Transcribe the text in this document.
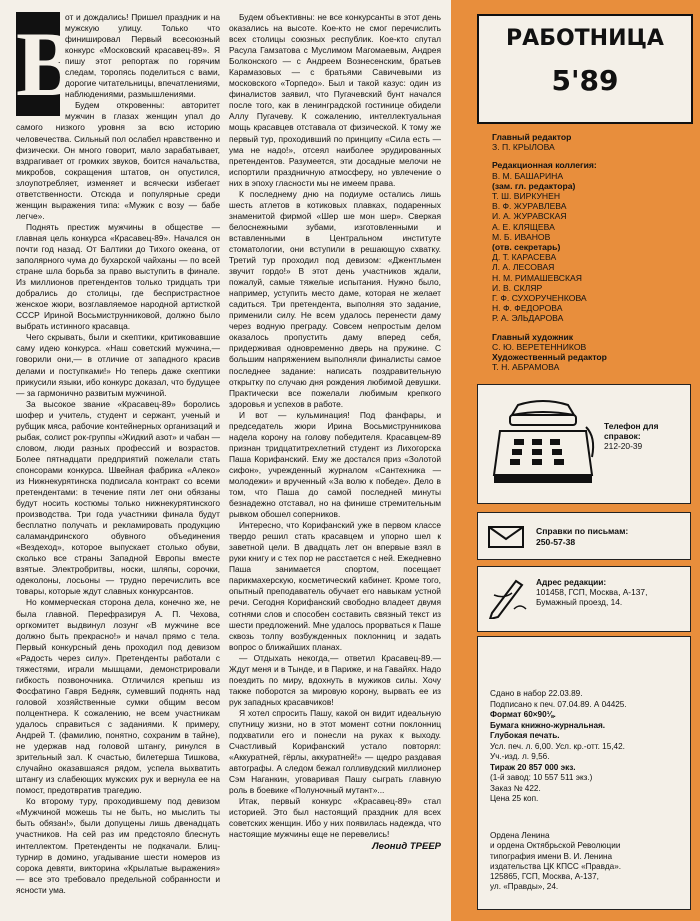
В

от и дождались! Пришел праздник и на мужскую улицу. Только что финишировал Первый всесоюзный конкурс «Московский красавец-89». Я пишу этот репортаж по горячим следам, торопясь поделиться с вами, дорогие читательницы, впечатлениями, наблюдениями, размышлениями.

Будем откровенны: авторитет мужчин в глазах женщин упал до самого низкого уровня за всю историю человечества. Сильный пол ослабел нравственно и физически. Он много говорит, мало зарабатывает, вздрагивает от громких звуков, боится начальства, микробов, сокращения штатов, он опустился, злоупотребляет, изменяет и всячески избегает ответственности. Отсюда и популярные среди женщин выражения типа: «Мужик с возу — бабе легче».

Поднять престиж мужчины в обществе — главная цель конкурса «Красавец-89». Начался он почти год назад. От Балтики до Тихого океана, от заполярного чума до бухарской чайханы — по всей стране шла борьба за право выступить в финале. Из миллионов претендентов только тридцать три добрались до столицы, где беспристрастное женское жюри, возглавляемое народной артисткой СССР Ириной Восьмиструнниковой, должно было выбрать истинного красавца.

Чего скрывать, были и скептики, критиковавшие саму идею конкурса. «Наш советский мужчина,— говорили они,— в отличие от западного красив делами и поступками!» Но теперь даже скептики прикусили языки, ибо конкурс доказал, что будущее — за гармонично развитым мужчиной.

За высокое звание «Красавец-89» боролись шофер и учитель, студент и сержант, ученый и рубщик мяса, рабочие контейнерных организаций и рыбак, солист рок-группы «Жидкий азот» и чабан — словом, люди разных профессий и возрастов. Более пятнадцати предприятий пожелали стать спонсорами конкурса. Швейная фабрика «Алеко» из Нижнекурятинска подписала контракт со всеми претендентами: в течение пяти лет они обязаны будут носить костюмы только нижнекурятинского производства. Три года участники финала будут бесплатно получать и рекламировать продукцию саламандринского обувного объединения «Вездеход», которое выпускает столько обуви, сколько все страны Западной Европы вместе взятые. Электробритвы, носки, шляпы, сорочки, одеколоны, лосьоны — трудно перечислить все товары, которые ждут славных конкурсантов.

Но коммерческая сторона дела, конечно же, не была главной. Перефразируя А. П. Чехова, оргкомитет выдвинул лозунг «В мужчине все должно быть прекрасно!» и начал прямо с тела. Первый конкурсный день проходил под девизом «Радость через силу». Претенденты работали с тяжестями, играли мышцами, демонстрировали гибкость позвоночника. Отличился крепыш из Фосфатино Гавря Бедняк, сумевший поднять над головой хозяйственные сумки общим весом полцентнера. К сожалению, не всем участникам удалось справиться с заданиями. К примеру, Андрей Т. (фамилию, понятно, сохраним в тайне), не удержав над головой штангу, ринулся в зрительный зал. К счастью, билетерша Тишкова, случайно оказавшаяся рядом, успела выхватить штангу из слабеющих мужских рук и вернула ее на помост, предотвратив трагедию.

Ко второму туру, проходившему под девизом «Мужчиной можешь ты не быть, но мыслить ты быть обязан!», были допущены лишь двенадцать участников. На сей раз им предстояло блеснуть интеллектом. Претенденты не подкачали. Блиц-турнир в домино, угадывание шести номеров из сорока девяти, викторина «Крылатые выражения» — все это требовало предельной собранности и ясности ума.

Будем объективны: не все конкурсанты в этот день оказались на высоте. Кое-кто не смог перечислить всех столицы союзных республик. Кое-кто спутал Расула Гамзатова с Муслимом Магомаевым, Андрея Болконского — с Андреем Вознесенским, братьев Карамазовых — с братьями Савичевыми из московского «Торпедо». Был и такой казус: один из финалистов заявил, что Пугачевский бунт начался после того, как в ленинградской гостинице обидели Аллу Пугачеву. К сожалению, интеллектуальная мощь красавцев отставала от физической. К тому же первый тур, проходивший по принципу «Сила есть — ума не надо!», отсеял наиболее эрудированных претендентов. Разумеется, эти досадные мелочи не испортили праздничную атмосферу, но увлечение о них в эпоху гласности мы не имеем права.

К последнему дню на подиуме остались лишь шесть атлетов в котиковых плавках, подаренных знаменитой фирмой «Шер ше мон шер». Сверкая белоснежными зубами, изготовленными и вставленными в Центральном институте стоматологии, они вступили в решающую схватку. Третий тур проходил под девизом: «Джентльмен звучит гордо!» В этот день участников ждали, пожалуй, самые тяжелые испытания. Нужно было, например, уступить место даме, которая не желает садиться. Три претендента, выполняя это задание, применили силу. Не всем удалось перенести даму через водную преграду. Совсем непростым делом оказалось пропустить даму вперед себя, придерживая одновременно дверь на пружине. С большим напряжением выполняли финалисты самое последнее задание: написать поздравительную открытку по случаю дня рождения любимой девушки. Практически все пожелали любимым крепкого здоровья и успехов в работе.

И вот — кульминация! Под фанфары, и председатель жюри Ирина Восьмиструнникова надела корону на голову победителя. Красавцем-89 признан тридцатитрехлетний студент из Лихогорска Паша Корифанский. Ему же достался приз «Золотой сифон», учрежденный журналом «Сантехника — молодежи» и врученный «За волю к победе». Дело в том, что Паша до самой последней минуты безнадежно отставал, но на финише стремительным рывком обошел соперников.

Интересно, что Корифанский уже в первом классе твердо решил стать красавцем и упорно шел к заветной цели. В двадцать лет он впервые взял в руки книгу и с тех пор не расстается с ней. Ежедневно Паша занимается спортом, посещает парикмахерскую, косметический кабинет. Кроме того, опытный преподаватель обучает его навыкам устной речи. Сегодня Корифанский свободно владеет двумя сотнями слов и способен составить связный текст из шести предложений. Мне удалось прорваться к Паше сквозь толпу возбужденных поклонниц и задать вопрос о ближайших планах.

— Отдыхать некогда,— ответил Красавец-89.— Ждут меня и в Тынде, и в Париже, и на Гавайях. Надо поездить по миру, вдохнуть в мужиков силы. Хочу также поборотся за мировую корону, вырвать ее из рук западных красавчиков!

Я хотел спросить Пашу, какой он видит идеальную спутницу жизни, но в этот момент сотни поклонниц подхватили его и понесли на руках к выходу. Счастливый Корифанский устало повторял: «Аккуратней, гёрлы, аккуратней!» — щедро раздавая автографы. А следом бежал голливудский миллионер Сэм Наганкин, уговаривая Пашу сыграть главную роль в боевике «Полуночный мутант»...

Итак, первый конкурс «Красавец-89» стал историей. Это был настоящий праздник для всех советских женщин. Ибо у них появилась надежда, что настоящие мужчины еще не перевелись!

Леонид ТРЕЕР

РАБОТНИЦА
5'89
Главный редактор
З. П. КРЫЛОВА
Редакционная коллегия:
В. М. БАШАРИНА
(зам. гл. редактора)
Т. Ш. ВИРКУНЕН
В. Ф. ЖУРАВЛЕВА
И. А. ЖУРАВСКАЯ
А. Е. КЛЯЩЕВА
М. Б. ИВАНОВ
(отв. секретарь)
Д. Т. КАРАСЕВА
Л. А. ЛЕСОВАЯ
Н. М. РИМАШЕВСКАЯ
И. В. СКЛЯР
Г. Ф. СУХОРУЧЕНКОВА
Н. Ф. ФЕДОРОВА
Р. А. ЭЛЬДАРОВА
Главный художник
С. Ю. ВЕРЕТЕННИКОВ
Художественный редактор
Т. Н. АБРАМОВА
Телефон для справок:
212-20-39
Справки по письмам:
250-57-38
Адрес редакции:
101458, ГСП, Москва, А-137,
Бумажный проезд, 14.
Сдано в набор 22.03.89.
Подписано к печ. 07.04.89. А 04425.
Формат 60×90⅛.
Бумага книжно-журнальная.
Глубокая печать.
Усл. печ. л. 6,00. Усл. кр.-отт. 15,42.
Уч.-изд. л. 9,56.
Тираж 20 857 000 экз.
(1-й завод: 10 557 511 экз.)
Заказ № 422.
Цена 25 коп.
Ордена Ленина
и ордена Октябрьской Революции
типография имени В. И. Ленина
издательства ЦК КПСС «Правда».
125865, ГСП, Москва, А-137,
ул. «Правды», 24.
